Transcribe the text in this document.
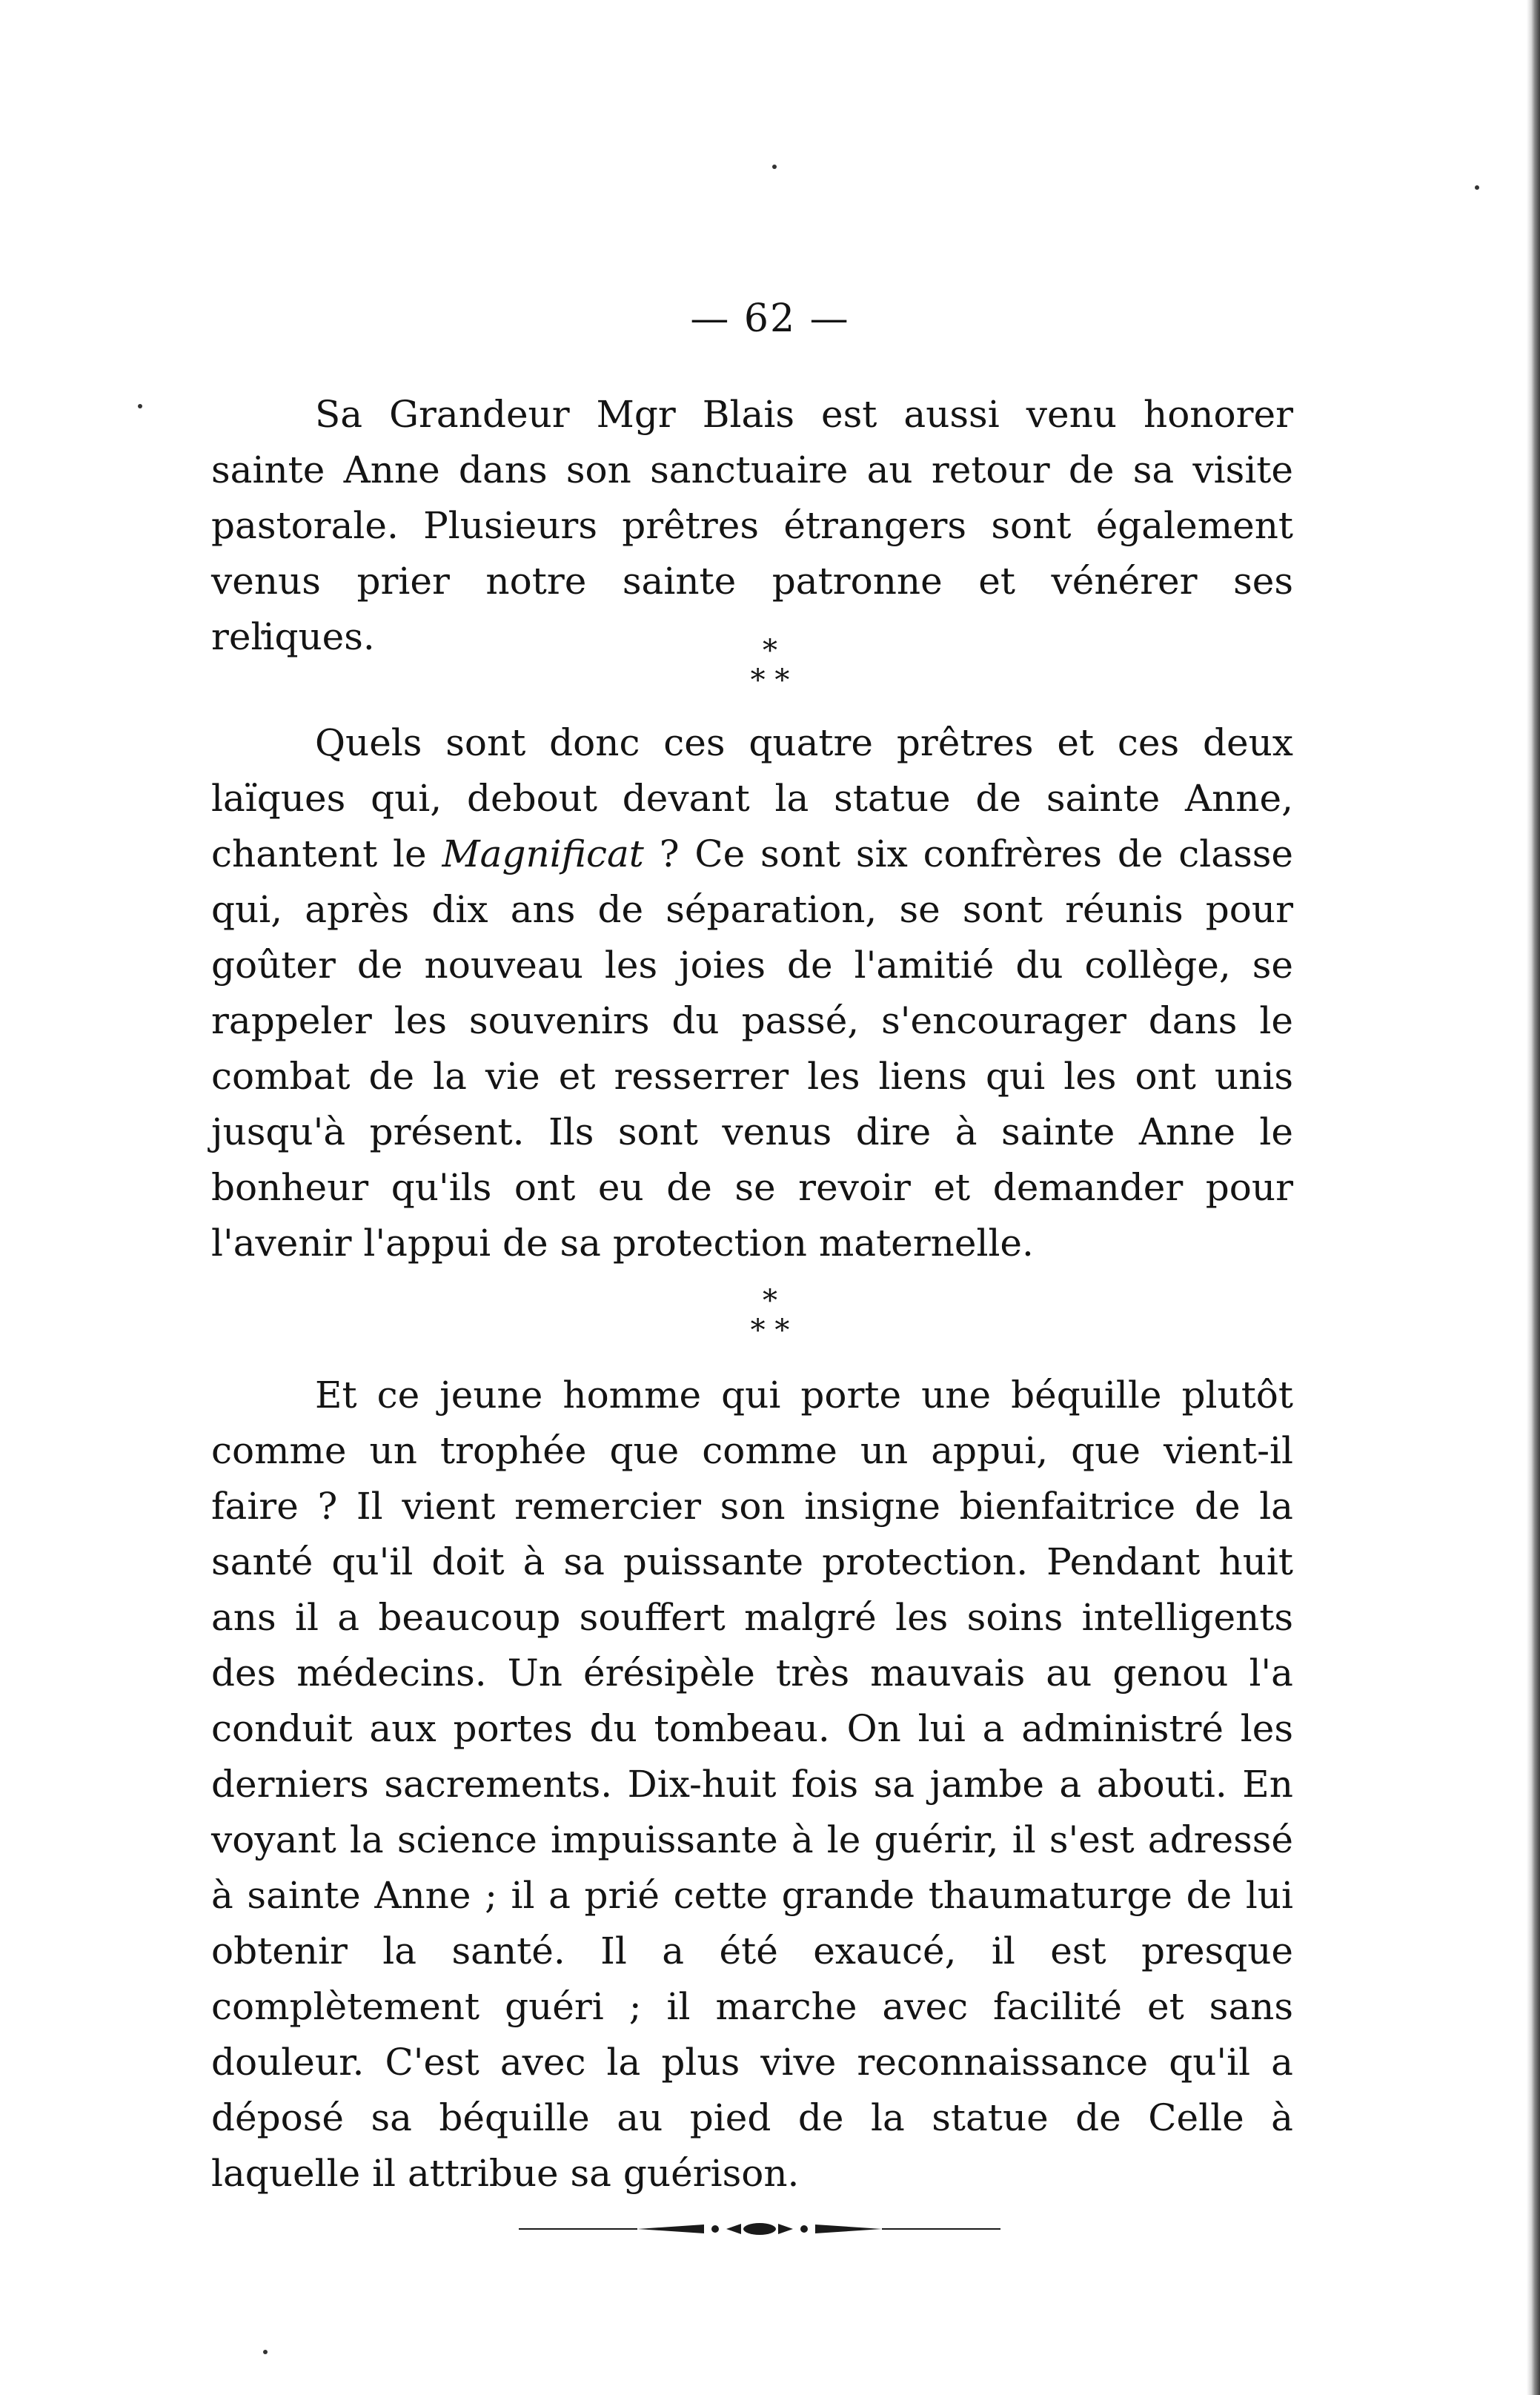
— 62 —

Sa Grandeur Mgr Blais est aussi venu honorer sainte Anne dans son sanctuaire au retour de sa visite pastorale. Plusieurs prêtres étrangers sont également venus prier notre sainte patronne et vénérer ses reliques.	*
* *

Quels sont donc ces quatre prêtres et ces deux laïques qui, debout devant la statue de sainte Anne, chantent le Magnificat ? Ce sont six confrères de classe qui, après dix ans de séparation, se sont réunis pour goûter de nouveau les joies de l'amitié du collège, se rappeler les souvenirs du passé, s'encourager dans le combat de la vie et resserrer les liens qui les ont unis jusqu'à présent. Ils sont venus dire à sainte Anne le bonheur qu'ils ont eu de se revoir et demander pour l'avenir l'appui de sa protection maternelle.

*
* *

Et ce jeune homme qui porte une béquille plutôt comme un trophée que comme un appui, que vient-il faire ? Il vient remercier son insigne bienfaitrice de la santé qu'il doit à sa puissante protection. Pendant huit ans il a beaucoup souffert malgré les soins intelligents des médecins. Un érésipèle très mauvais au genou l'a conduit aux portes du tombeau. On lui a administré les derniers sacrements. Dix-huit fois sa jambe a abouti. En voyant la science impuissante à le guérir, il s'est adressé à sainte Anne ; il a prié cette grande thaumaturge de lui obtenir la santé. Il a été exaucé, il est presque complètement guéri ; il marche avec facilité et sans douleur. C'est avec la plus vive reconnaissance qu'il a déposé sa béquille au pied de la statue de Celle à laquelle il attribue sa guérison.
